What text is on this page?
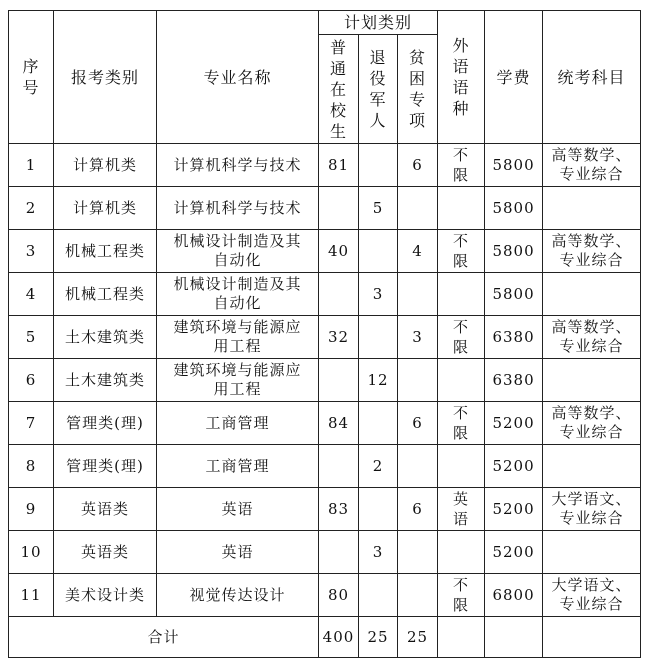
序号	报考类别	专业名称	计划类别			外语语种	学费	统考科目

			普通在校生	退役军人	贫困专项			

1	计算机类	计算机科学与技术	81		6	不限	5800	高等数学、专业综合

2	计算机类	计算机科学与技术		5			5800	

3	机械工程类	机械设计制造及其自动化	40		4	不限	5800	高等数学、专业综合

4	机械工程类	机械设计制造及其自动化		3			5800	

5	土木建筑类	建筑环境与能源应用工程	32		3	不限	6380	高等数学、专业综合

6	土木建筑类	建筑环境与能源应用工程		12			6380	

7	管理类(理)	工商管理	84		6	不限	5200	高等数学、专业综合

8	管理类(理)	工商管理		2			5200	

9	英语类	英语	83		6	英语	5200	大学语文、专业综合

10	英语类	英语		3			5200	

11	美术设计类	视觉传达设计	80			不限	6800	大学语文、专业综合

合计			400	25	25			
